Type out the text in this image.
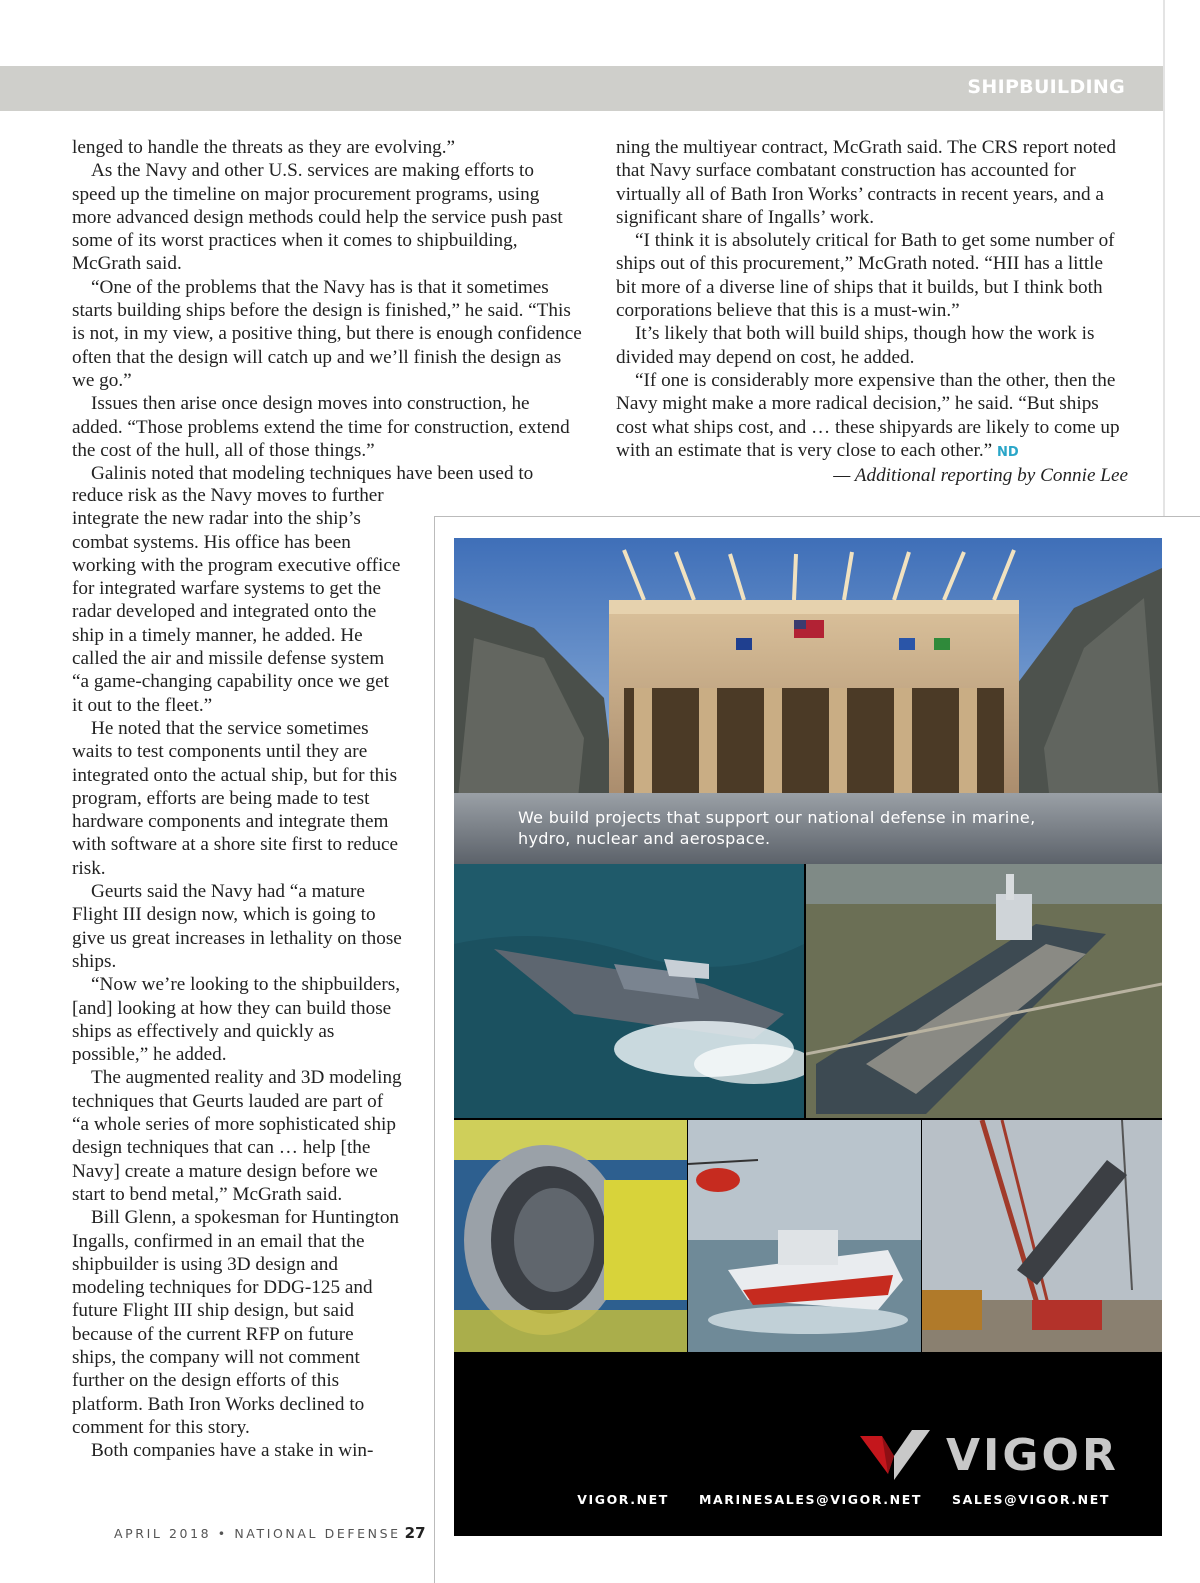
SHIPBUILDING

lenged to handle the threats as they are evolving.”

As the Navy and other U.S. services are making efforts to speed up the timeline on major procurement programs, using more advanced design methods could help the service push past some of its worst practices when it comes to shipbuilding, McGrath said.

“One of the problems that the Navy has is that it sometimes starts building ships before the design is finished,” he said. “This is not, in my view, a positive thing, but there is enough confidence often that the design will catch up and we’ll finish the design as we go.”

Issues then arise once design moves into construction, he added. “Those problems extend the time for construction, extend the cost of the hull, all of those things.”

Galinis noted that modeling techniques have been used to

reduce risk as the Navy moves to further integrate the new radar into the ship’s combat systems. His office has been working with the program executive office for integrated warfare systems to get the radar developed and integrated onto the ship in a timely manner, he added. He called the air and missile defense system “a game-changing capability once we get it out to the fleet.”

He noted that the service sometimes waits to test components until they are integrated onto the actual ship, but for this program, efforts are being made to test hardware components and integrate them with software at a shore site first to reduce risk.

Geurts said the Navy had “a mature Flight III design now, which is going to give us great increases in lethality on those ships.

“Now we’re looking to the shipbuilders, [and] looking at how they can build those ships as effectively and quickly as possible,” he added.

The augmented reality and 3D modeling techniques that Geurts lauded are part of “a whole series of more sophisticated ship design techniques that can … help [the Navy] create a mature design before we start to bend metal,” McGrath said.

Bill Glenn, a spokesman for Huntington Ingalls, confirmed in an email that the shipbuilder is using 3D design and modeling techniques for DDG-125 and future Flight III ship design, but said because of the current RFP on future ships, the company will not comment further on the design efforts of this platform. Bath Iron Works declined to comment for this story.

Both companies have a stake in win-

ning the multiyear contract, McGrath said. The CRS report noted that Navy surface combatant construction has accounted for virtually all of Bath Iron Works’ contracts in recent years, and a significant share of Ingalls’ work.

“I think it is absolutely critical for Bath to get some number of ships out of this procurement,” McGrath noted. “HII has a little bit more of a diverse line of ships that it builds, but I think both corporations believe that this is a must-win.”

It’s likely that both will build ships, though how the work is divided may depend on cost, he added.

“If one is considerably more expensive than the other, then the Navy might make a more radical decision,” he said. “But ships cost what ships cost, and … these shipyards are likely to come up with an estimate that is very close to each other.” ND

— Additional reporting by Connie Lee

We build projects that support our national defense in marine, hydro, nuclear and aerospace.
VIGOR
VIGOR.NET MARINESALES@VIGOR.NET SALES@VIGOR.NET
APRIL 2018 • NATIONAL DEFENSE 27
